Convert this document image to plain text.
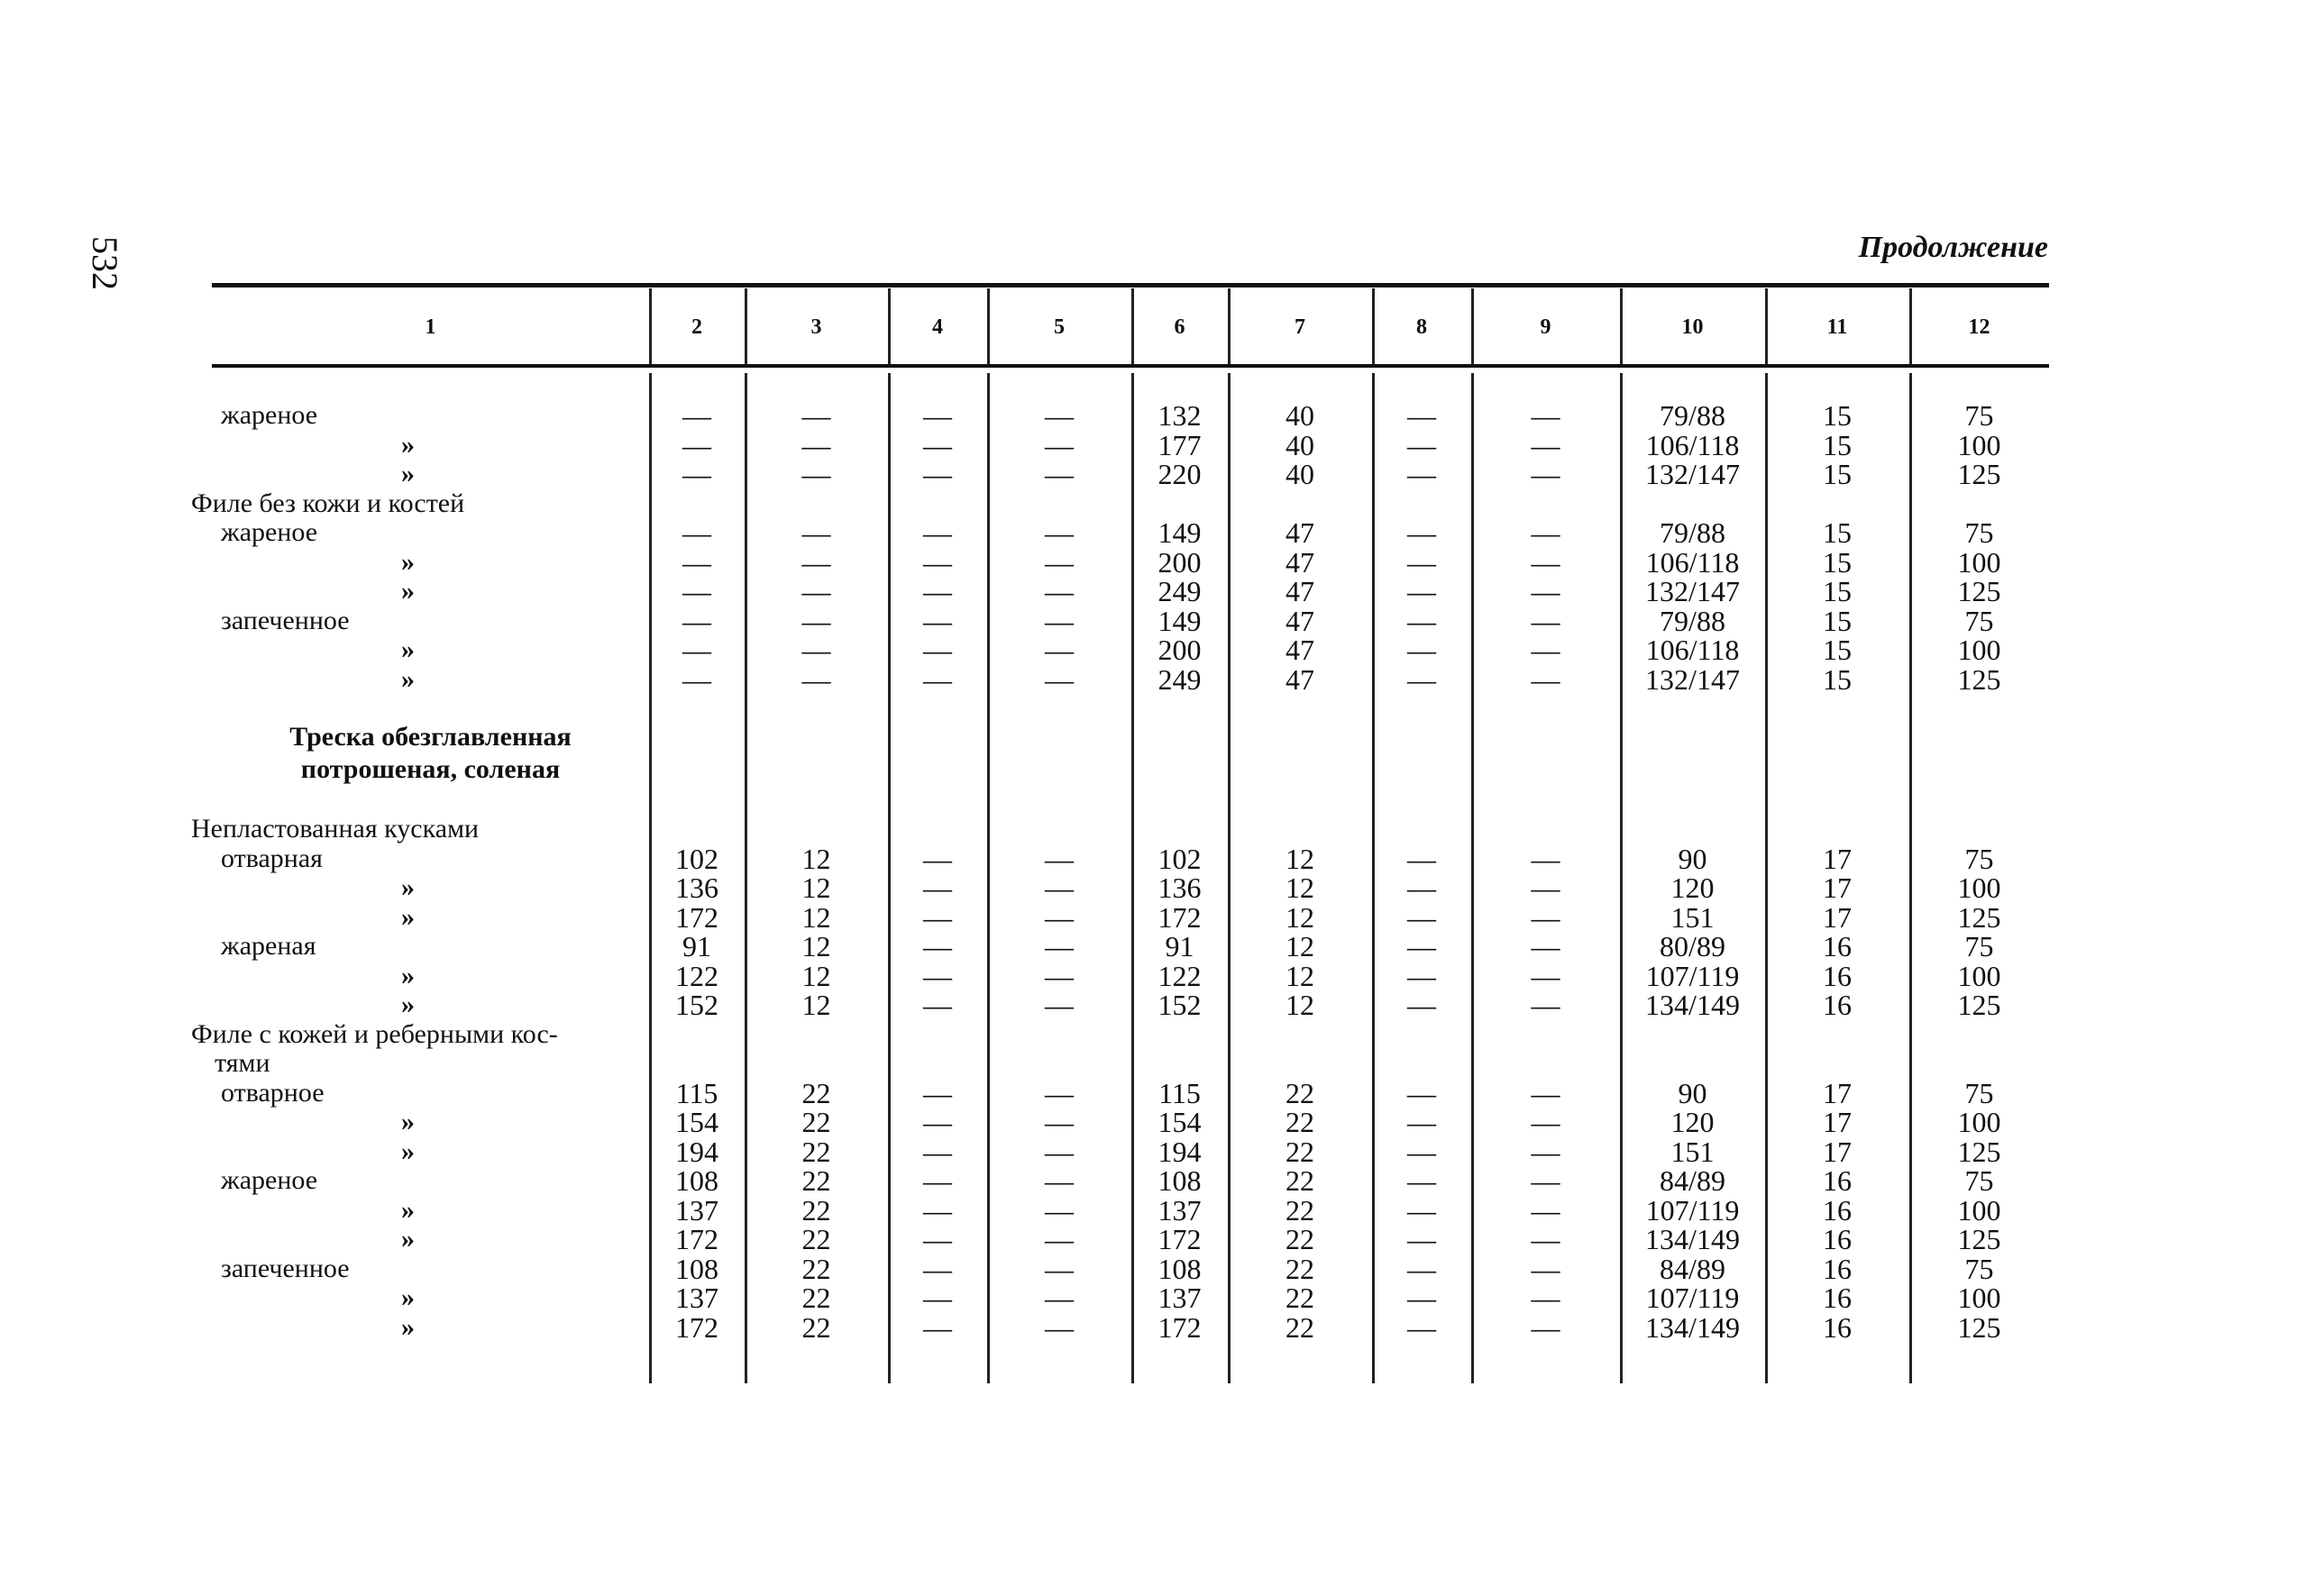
532	Продолжение
1	2	3	4	5	6	7	8	9	10	11	12
жареное	—	—	—	—	132	40	—	—	79/88	15	75
»	—	—	—	—	177	40	—	—	106/118	15	100
»	—	—	—	—	220	40	—	—	132/147	15	125
Филе без кожи и костей
жареное	—	—	—	—	149	47	—	—	79/88	15	75
»	—	—	—	—	200	47	—	—	106/118	15	100
»	—	—	—	—	249	47	—	—	132/147	15	125
запеченное	—	—	—	—	149	47	—	—	79/88	15	75
»	—	—	—	—	200	47	—	—	106/118	15	100
»	—	—	—	—	249	47	—	—	132/147	15	125
Непластованная кусками
отварная	102	12	—	—	102	12	—	—	90	17	75
»	136	12	—	—	136	12	—	—	120	17	100
»	172	12	—	—	172	12	—	—	151	17	125
жареная	91	12	—	—	91	12	—	—	80/89	16	75
»	122	12	—	—	122	12	—	—	107/119	16	100
»	152	12	—	—	152	12	—	—	134/149	16	125
Филе с кожей и реберными кос-
тями
отварное	115	22	—	—	115	22	—	—	90	17	75
»	154	22	—	—	154	22	—	—	120	17	100
»	194	22	—	—	194	22	—	—	151	17	125
жареное	108	22	—	—	108	22	—	—	84/89	16	75
»	137	22	—	—	137	22	—	—	107/119	16	100
»	172	22	—	—	172	22	—	—	134/149	16	125
запеченное	108	22	—	—	108	22	—	—	84/89	16	75
»	137	22	—	—	137	22	—	—	107/119	16	100
»	172	22	—	—	172	22	—	—	134/149	16	125
Треска обезглавленная
потрошеная, соленая
